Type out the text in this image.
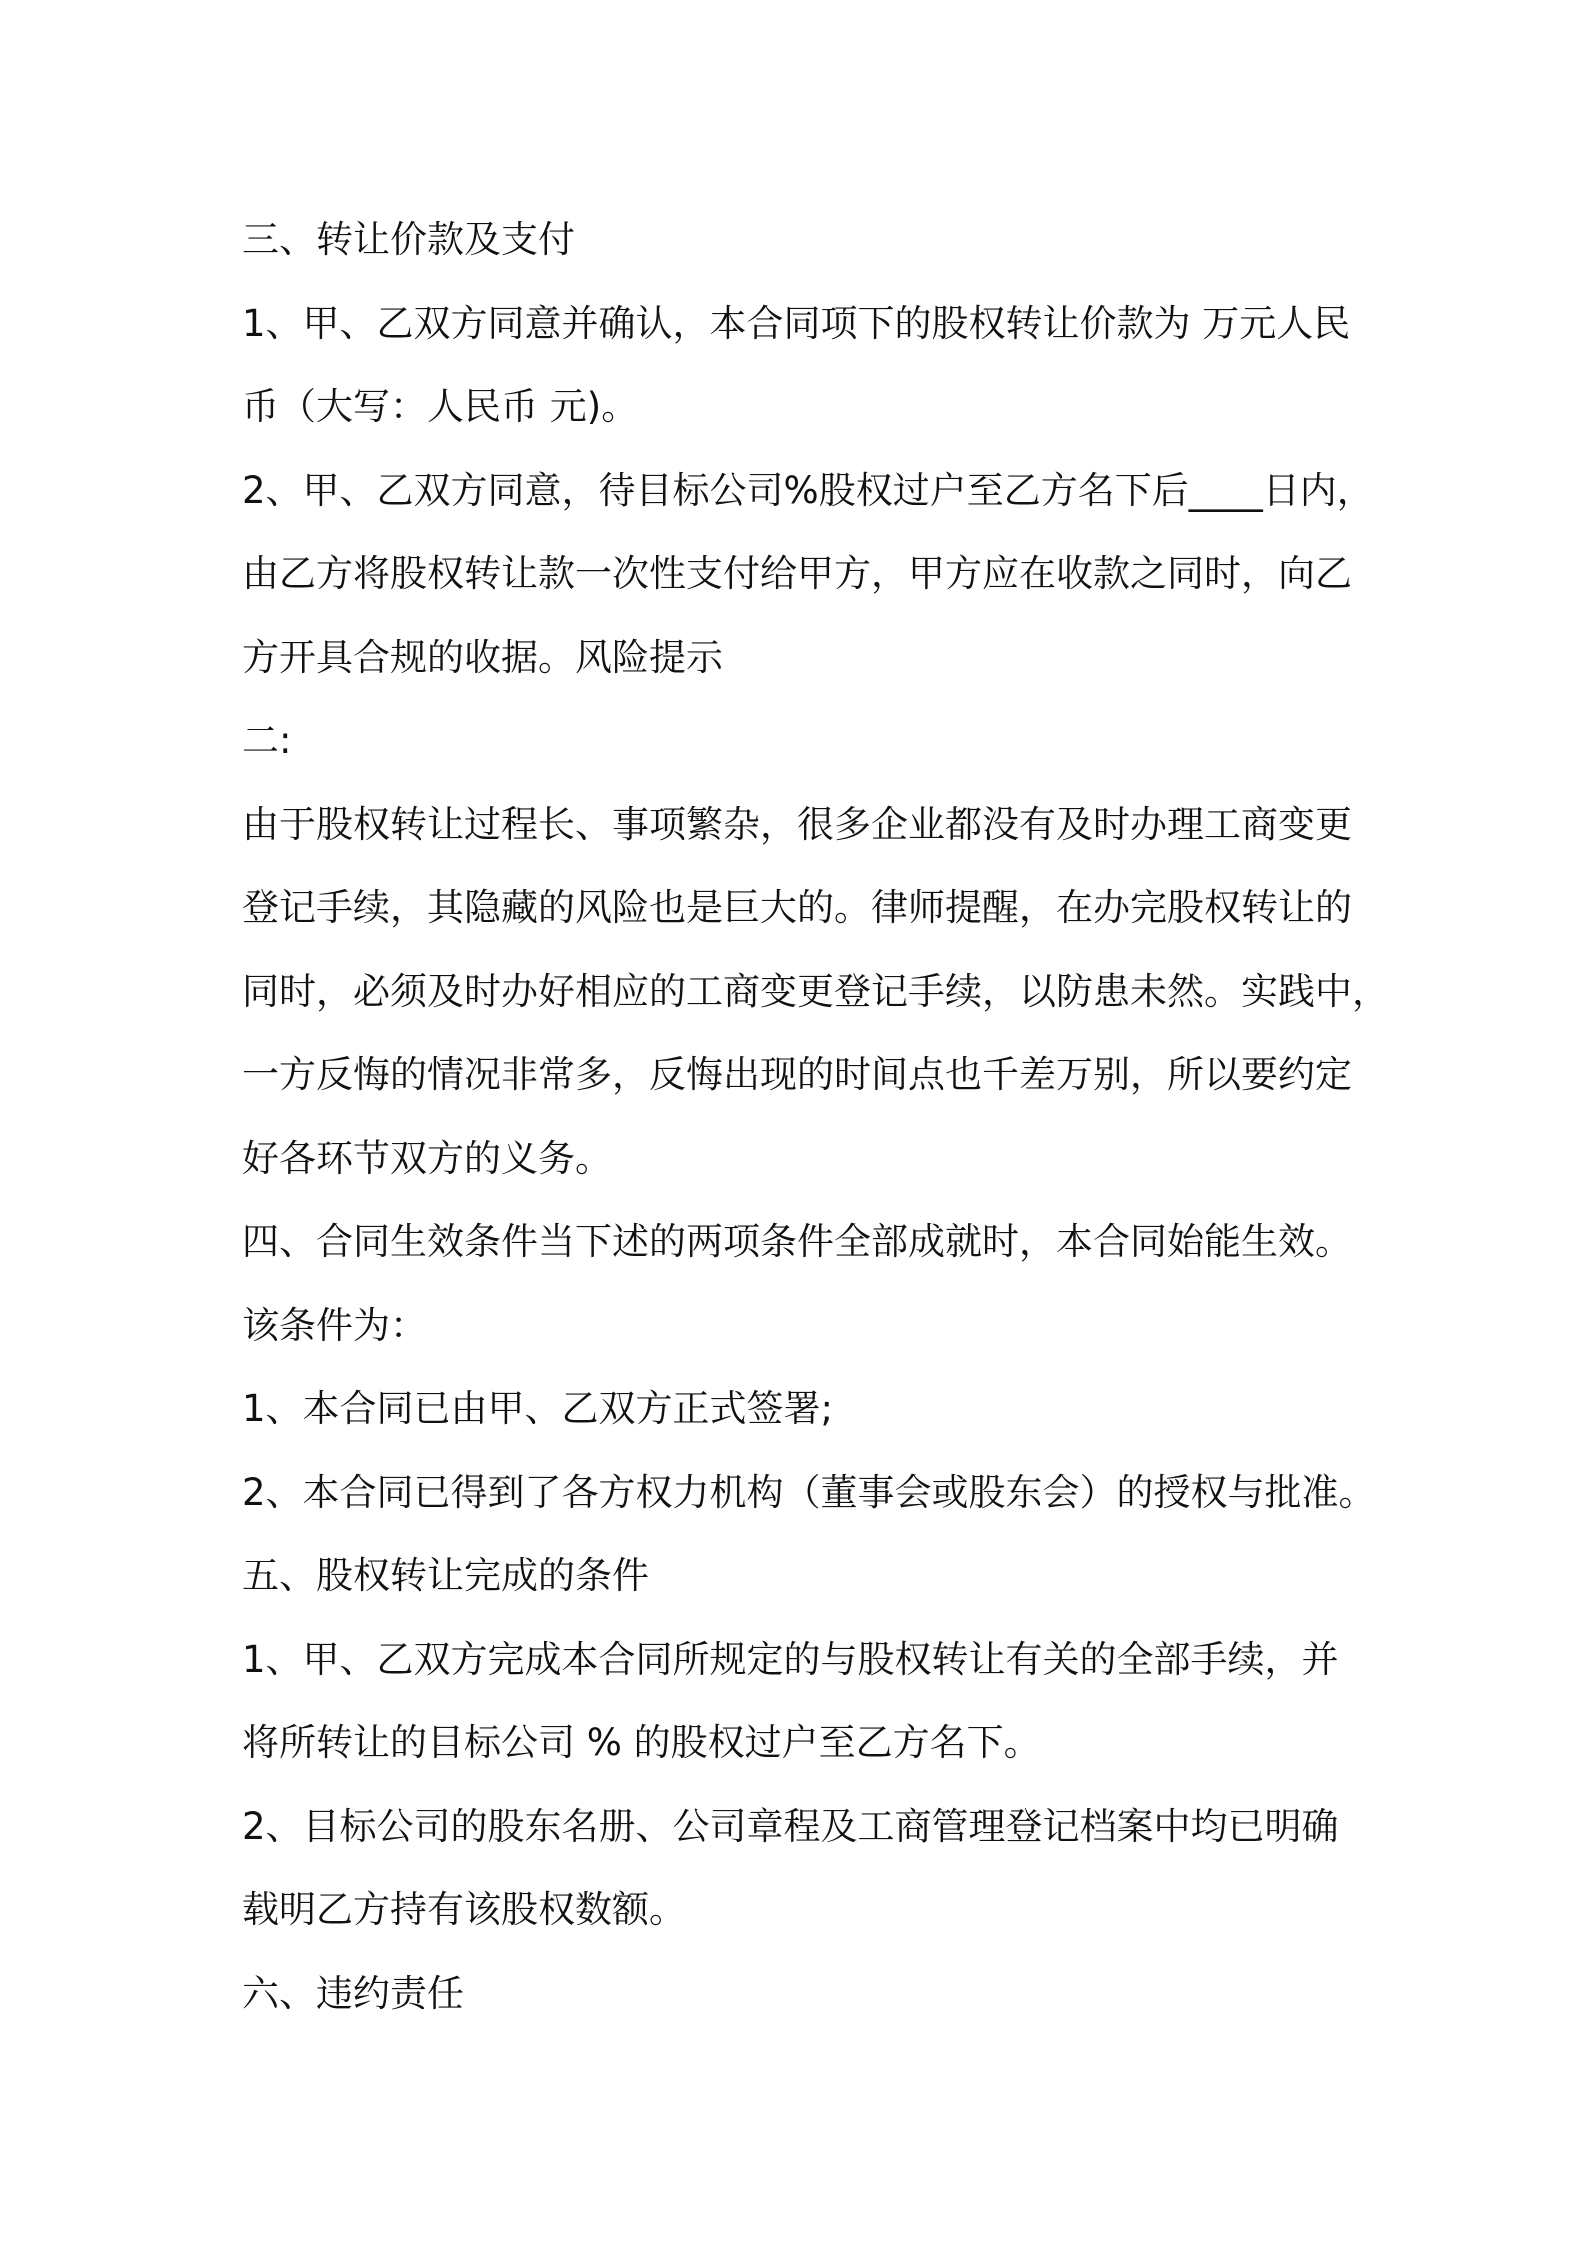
三、转让价款及支付
1、甲、乙双方同意并确认，本合同项下的股权转让价款为 万元人民
币（大写：人民币 元)。
2、甲、乙双方同意，待目标公司%股权过户至乙方名下后____日内，
由乙方将股权转让款一次性支付给甲方，甲方应在收款之同时，向乙
方开具合规的收据。风险提示
二:
由于股权转让过程长、事项繁杂，很多企业都没有及时办理工商变更
登记手续，其隐藏的风险也是巨大的。律师提醒，在办完股权转让的
同时，必须及时办好相应的工商变更登记手续，以防患未然。实践中，
一方反悔的情况非常多，反悔出现的时间点也千差万别，所以要约定
好各环节双方的义务。
四、合同生效条件当下述的两项条件全部成就时，本合同始能生效。
该条件为：
1、本合同已由甲、乙双方正式签署;
2、本合同已得到了各方权力机构（董事会或股东会）的授权与批准。
五、股权转让完成的条件
1、甲、乙双方完成本合同所规定的与股权转让有关的全部手续，并
将所转让的目标公司 % 的股权过户至乙方名下。
2、目标公司的股东名册、公司章程及工商管理登记档案中均已明确
载明乙方持有该股权数额。
六、违约责任
